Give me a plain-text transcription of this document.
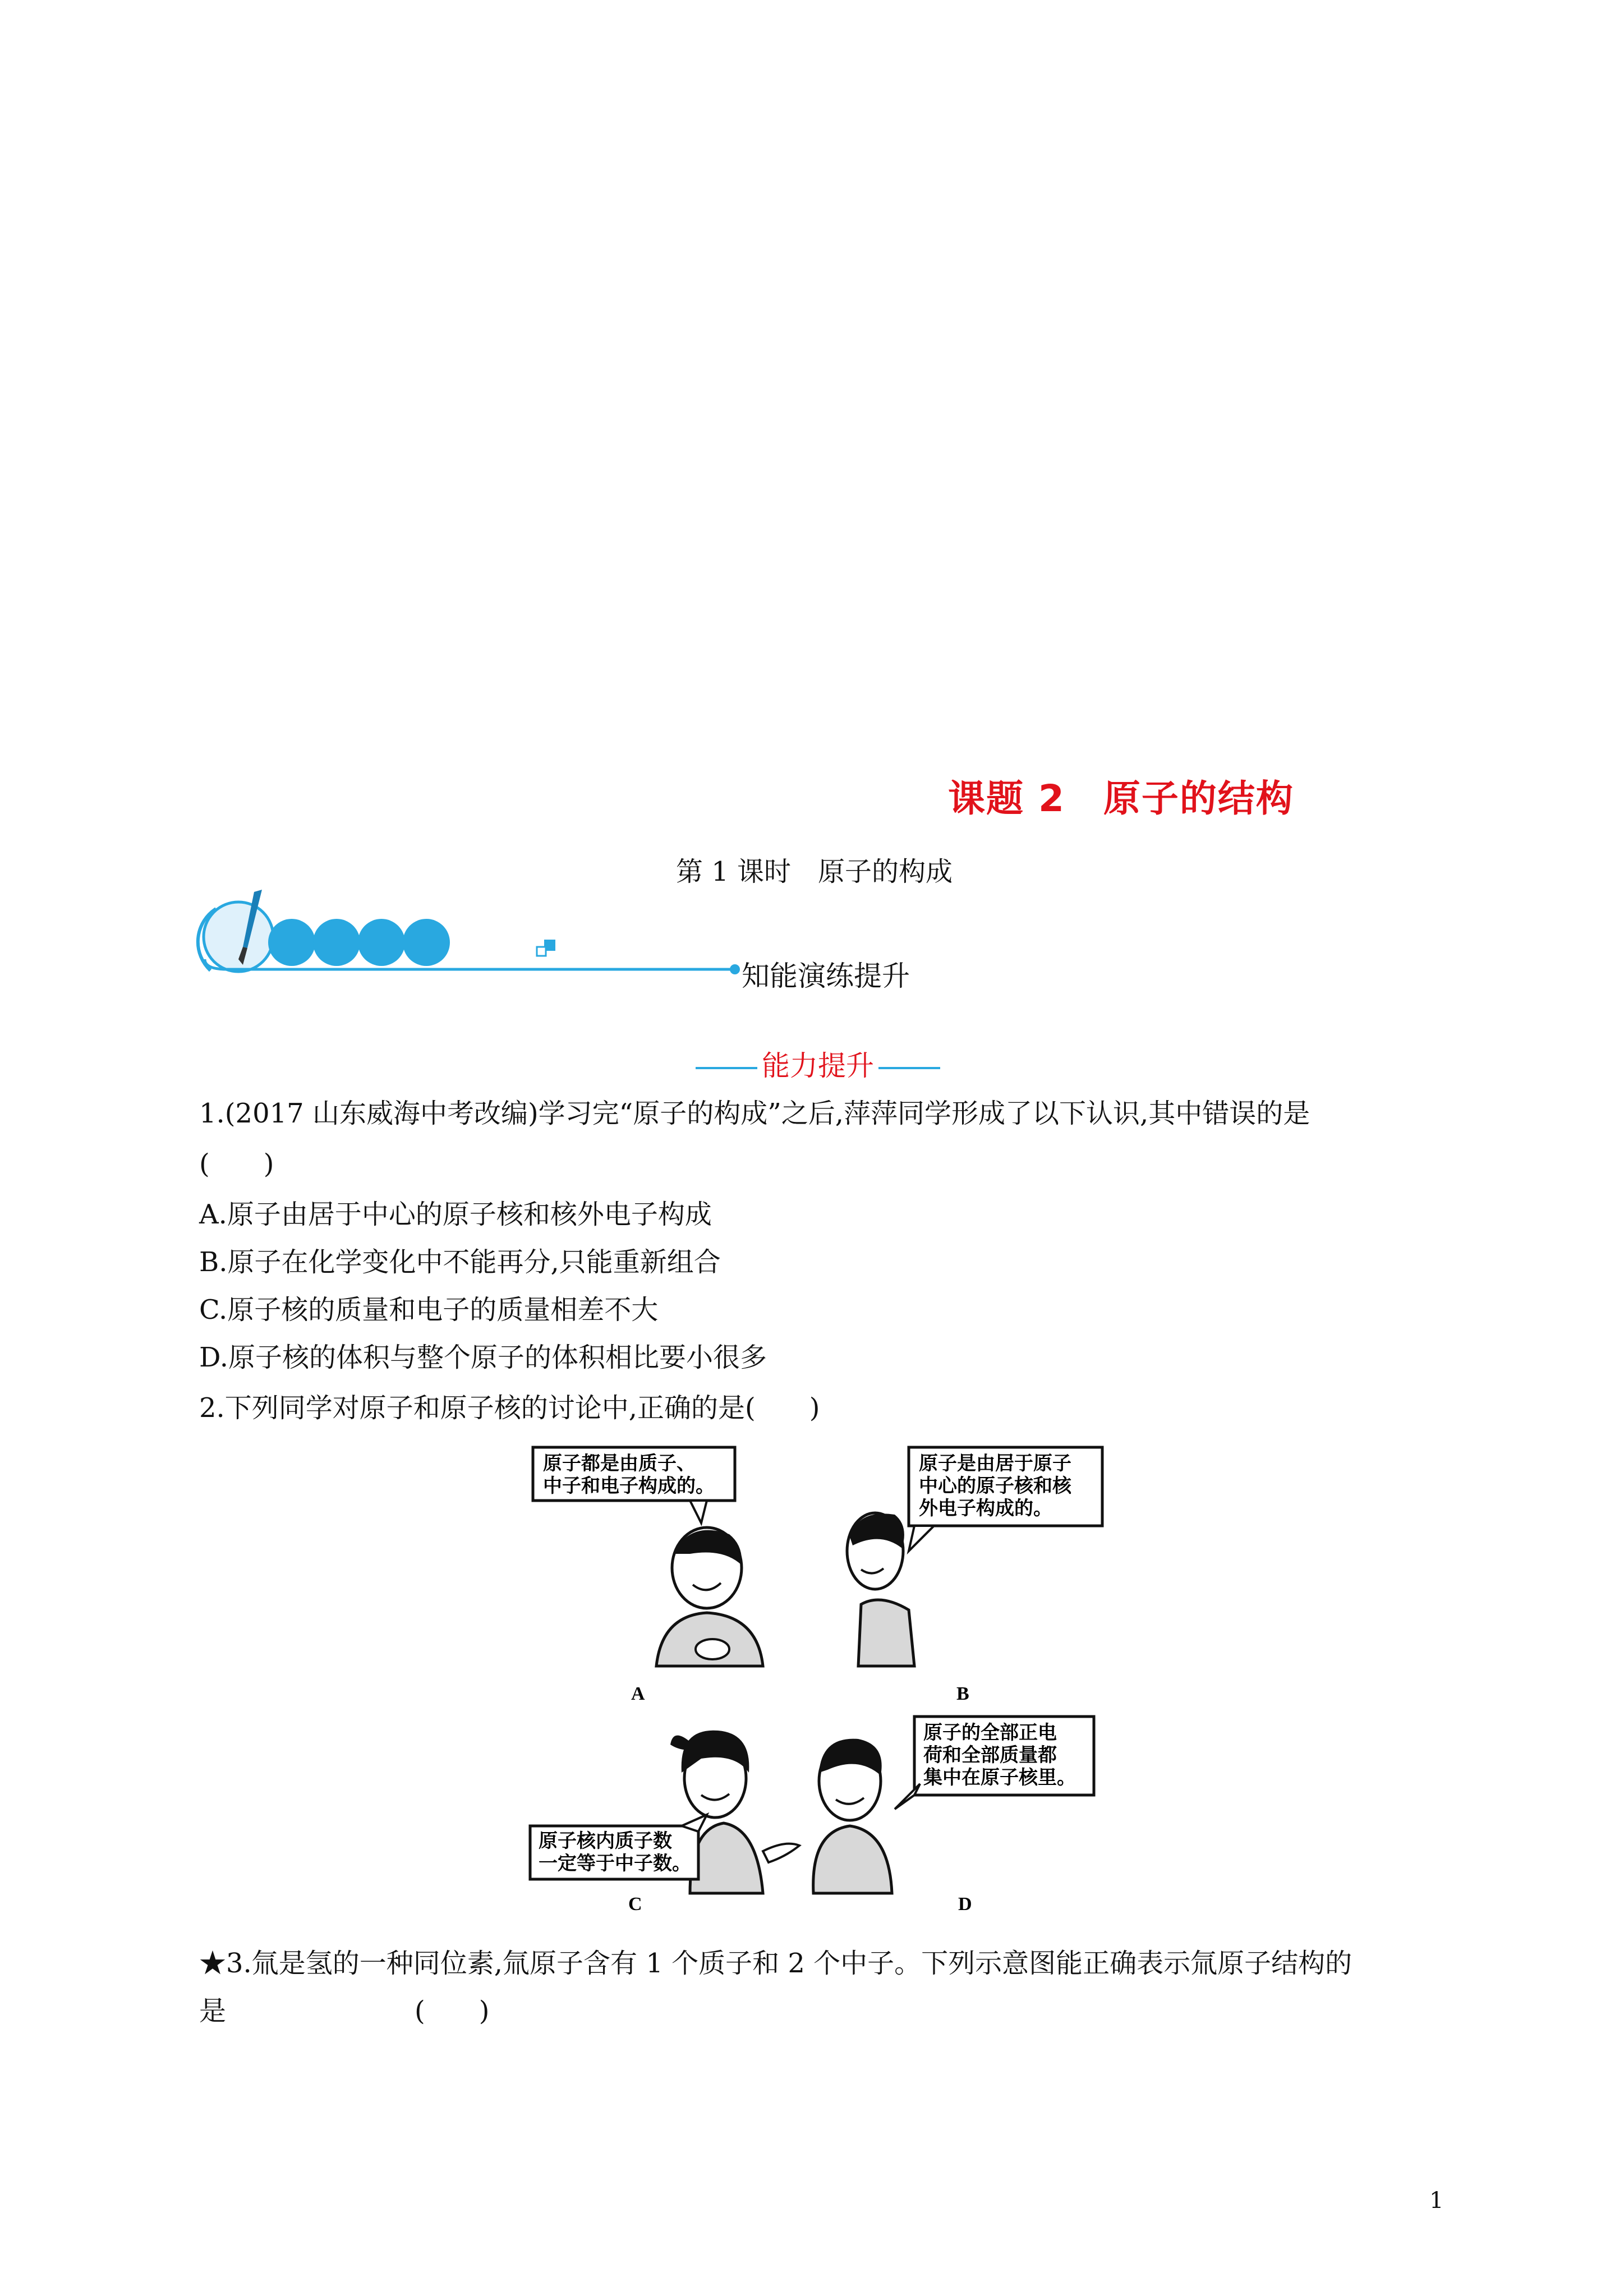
课题 2　原子的结构
第 1 课时　原子的构成
知能演练提升
能力提升
1.(2017 山东威海中考改编)学习完“原子的构成”之后,萍萍同学形成了以下认识,其中错误的是
(　　)
A.原子由居于中心的原子核和核外电子构成
B.原子在化学变化中不能再分,只能重新组合
C.原子核的质量和电子的质量相差不大
D.原子核的体积与整个原子的体积相比要小很多
2.下列同学对原子和原子核的讨论中,正确的是(　　)
原子都是由质子、
中子和电子构成的。
A
原子是由居于原子
中心的原子核和核
外电子构成的。
B
原子核内质子数
一定等于中子数。
C
原子的全部正电
荷和全部质量都
集中在原子核里。
D
★3.氚是氢的一种同位素,氚原子含有 1 个质子和 2 个中子。下列示意图能正确表示氚原子结构的
是　　　　　　　(　　)
1
